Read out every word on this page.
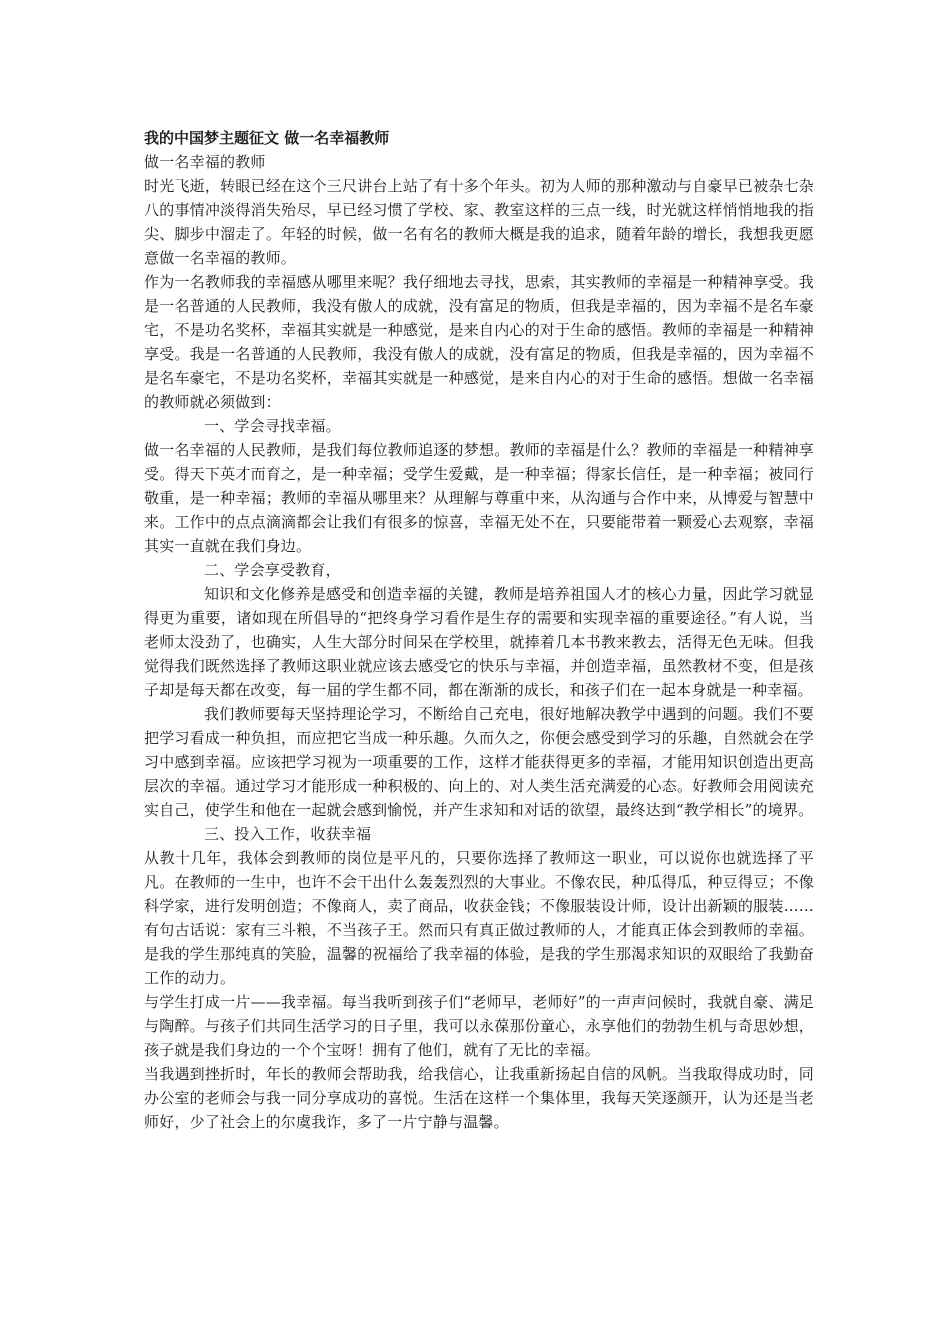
我的中国梦主题征文 做一名幸福教师

做一名幸福的教师

时光飞逝，转眼已经在这个三尺讲台上站了有十多个年头。初为人师的那种激动与自豪早已被杂七杂八的事情冲淡得消失殆尽，早已经习惯了学校、家、教室这样的三点一线，时光就这样悄悄地我的指尖、脚步中溜走了。年轻的时候，做一名有名的教师大概是我的追求，随着年龄的增长，我想我更愿意做一名幸福的教师。

作为一名教师我的幸福感从哪里来呢？我仔细地去寻找，思索，其实教师的幸福是一种精神享受。我是一名普通的人民教师，我没有傲人的成就，没有富足的物质，但我是幸福的，因为幸福不是名车豪宅，不是功名奖杯，幸福其实就是一种感觉，是来自内心的对于生命的感悟。教师的幸福是一种精神享受。我是一名普通的人民教师，我没有傲人的成就，没有富足的物质，但我是幸福的，因为幸福不是名车豪宅，不是功名奖杯，幸福其实就是一种感觉，是来自内心的对于生命的感悟。想做一名幸福的教师就必须做到：

一、学会寻找幸福。

做一名幸福的人民教师，是我们每位教师追逐的梦想。教师的幸福是什么？教师的幸福是一种精神享受。得天下英才而育之，是一种幸福；受学生爱戴，是一种幸福；得家长信任，是一种幸福；被同行敬重，是一种幸福；教师的幸福从哪里来？从理解与尊重中来，从沟通与合作中来，从博爱与智慧中来。工作中的点点滴滴都会让我们有很多的惊喜，幸福无处不在，只要能带着一颗爱心去观察，幸福其实一直就在我们身边。

二、学会享受教育，

知识和文化修养是感受和创造幸福的关键，教师是培养祖国人才的核心力量，因此学习就显得更为重要，诸如现在所倡导的“把终身学习看作是生存的需要和实现幸福的重要途径。”有人说，当老师太没劲了，也确实，人生大部分时间呆在学校里，就捧着几本书教来教去，活得无色无味。但我觉得我们既然选择了教师这职业就应该去感受它的快乐与幸福，并创造幸福，虽然教材不变，但是孩子却是每天都在改变，每一届的学生都不同，都在渐渐的成长，和孩子们在一起本身就是一种幸福。

我们教师要每天坚持理论学习，不断给自己充电，很好地解决教学中遇到的问题。我们不要把学习看成一种负担，而应把它当成一种乐趣。久而久之，你便会感受到学习的乐趣，自然就会在学习中感到幸福。应该把学习视为一项重要的工作，这样才能获得更多的幸福，才能用知识创造出更高层次的幸福。通过学习才能形成一种积极的、向上的、对人类生活充满爱的心态。好教师会用阅读充实自己，使学生和他在一起就会感到愉悦，并产生求知和对话的欲望，最终达到“教学相长”的境界。

三、投入工作，收获幸福

从教十几年，我体会到教师的岗位是平凡的，只要你选择了教师这一职业，可以说你也就选择了平凡。在教师的一生中，也许不会干出什么轰轰烈烈的大事业。不像农民，种瓜得瓜，种豆得豆；不像科学家，进行发明创造；不像商人，卖了商品，收获金钱；不像服装设计师，设计出新颖的服装……有句古话说：家有三斗粮，不当孩子王。然而只有真正做过教师的人，才能真正体会到教师的幸福。是我的学生那纯真的笑脸，温馨的祝福给了我幸福的体验，是我的学生那渴求知识的双眼给了我勤奋工作的动力。

与学生打成一片——我幸福。每当我听到孩子们“老师早，老师好”的一声声问候时，我就自豪、满足与陶醉。与孩子们共同生活学习的日子里，我可以永葆那份童心，永享他们的勃勃生机与奇思妙想，孩子就是我们身边的一个个宝呀！拥有了他们，就有了无比的幸福。

当我遇到挫折时，年长的教师会帮助我，给我信心，让我重新扬起自信的风帆。当我取得成功时，同办公室的老师会与我一同分享成功的喜悦。生活在这样一个集体里，我每天笑逐颜开，认为还是当老师好，少了社会上的尔虞我诈，多了一片宁静与温馨。
